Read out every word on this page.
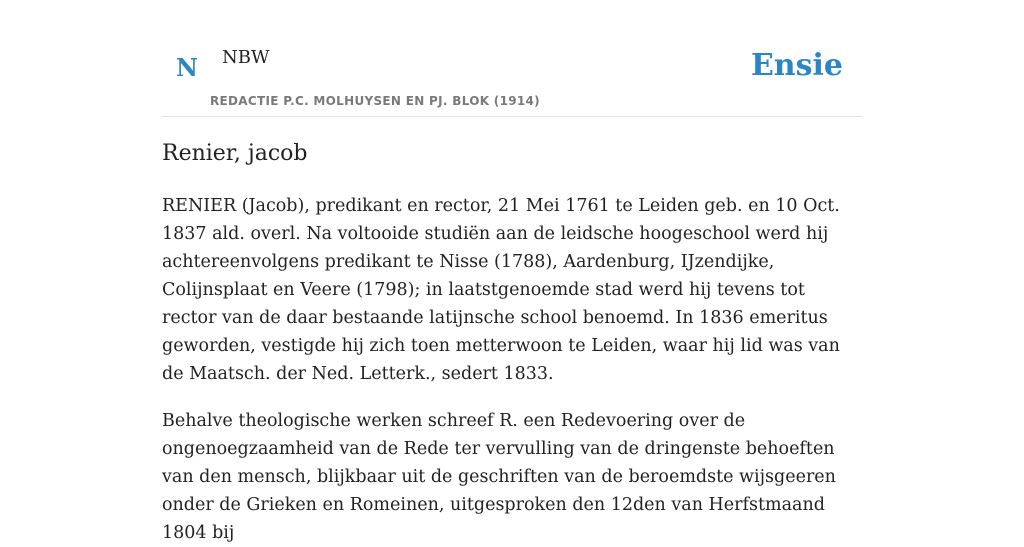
N NBW
REDACTIE P.C. MOLHUYSEN EN PJ. BLOK (1914)
Ensie
Renier, jacob

RENIER (Jacob), predikant en rector, 21 Mei 1761 te Leiden geb. en 10 Oct. 1837 ald. overl. Na voltooide studiën aan de leidsche hoogeschool werd hij achtereenvolgens predikant te Nisse (1788), Aardenburg, IJzendijke, Colijnsplaat en Veere (1798); in laatstgenoemde stad werd hij tevens tot rector van de daar bestaande latijnsche school benoemd. In 1836 emeritus geworden, vestigde hij zich toen metterwoon te Leiden, waar hij lid was van de Maatsch. der Ned. Letterk., sedert 1833.

Behalve theologische werken schreef R. een Redevoering over de ongenoegzaamheid van de Rede ter vervulling van de dringenste behoeften van den mensch, blijkbaar uit de geschriften van de beroemdste wijsgeeren onder de Grieken en Romeinen, uitgesproken den 12den van Herfstmaand 1804 bij
